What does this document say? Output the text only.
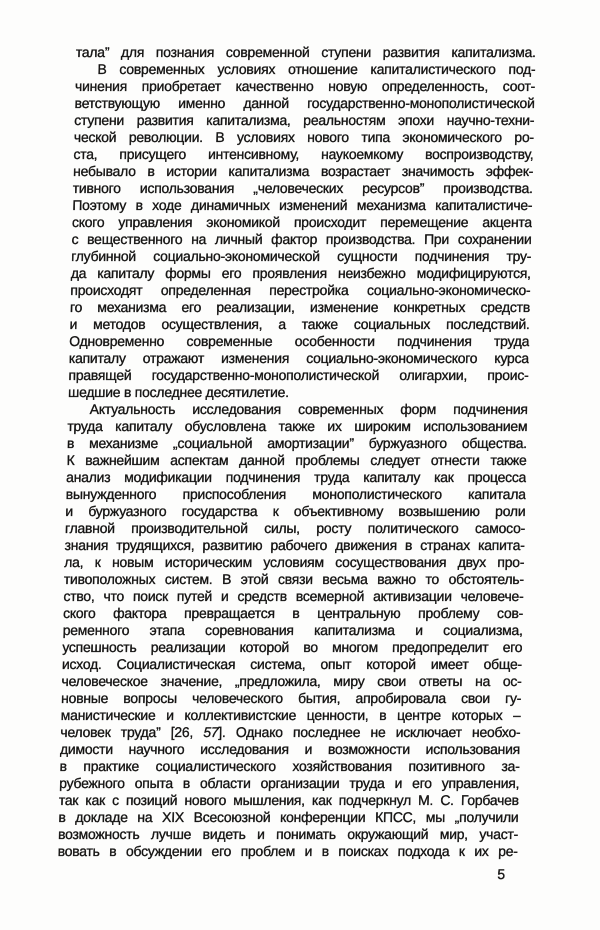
тала” для познания современной ступени развития капитализма.
В современных условиях отношение капиталистического под-
чинения приобретает качественно новую определенность, соот-
ветствующую именно данной государственно-монополистической
ступени развития капитализма, реальностям эпохи научно-техни-
ческой революции. В условиях нового типа экономического ро-
ста, присущего интенсивному, наукоемкому воспроизводству,
небывало в истории капитализма возрастает значимость эффек-
тивного использования „человеческих ресурсов” производства.
Поэтому в ходе динамичных изменений механизма капиталистиче-
ского управления экономикой происходит перемещение акцента
с вещественного на личный фактор производства. При сохранении
глубинной социально-экономической сущности подчинения тру-
да капиталу формы его проявления неизбежно модифицируются,
происходят определенная перестройка социально-экономическо-
го механизма его реализации, изменение конкретных средств
и методов осуществления, а также социальных последствий.
Одновременно современные особенности подчинения труда
капиталу отражают изменения социально-экономического курса
правящей государственно-монополистической олигархии, проис-
шедшие в последнее десятилетие.
Актуальность исследования современных форм подчинения
труда капиталу обусловлена также их широким использованием
в механизме „социальной амортизации” буржуазного общества.
К важнейшим аспектам данной проблемы следует отнести также
анализ модификации подчинения труда капиталу как процесса
вынужденного приспособления монополистического капитала
и буржуазного государства к объективному возвышению роли
главной производительной силы, росту политического самосо-
знания трудящихся, развитию рабочего движения в странах капита-
ла, к новым историческим условиям сосуществования двух про-
тивоположных систем. В этой связи весьма важно то обстоятель-
ство, что поиск путей и средств всемерной активизации человече-
ского фактора превращается в центральную проблему сов-
ременного этапа соревнования капитализма и социализма,
успешность реализации которой во многом предопределит его
исход. Социалистическая система, опыт которой имеет обще-
человеческое значение, „предложила, миру свои ответы на ос-
новные вопросы человеческого бытия, апробировала свои гу-
манистические и коллективистские ценности, в центре которых –
человек труда” [26, 57]. Однако последнее не исключает необхо-
димости научного исследования и возможности использования
в практике социалистического хозяйствования позитивного за-
рубежного опыта в области организации труда и его управления,
так как с позиций нового мышления, как подчеркнул М. С. Горбачев
в докладе на XIX Всесоюзной конференции КПСС, мы „получили
возможность лучше видеть и понимать окружающий мир, участ-
вовать в обсуждении его проблем и в поисках подхода к их ре-
5
